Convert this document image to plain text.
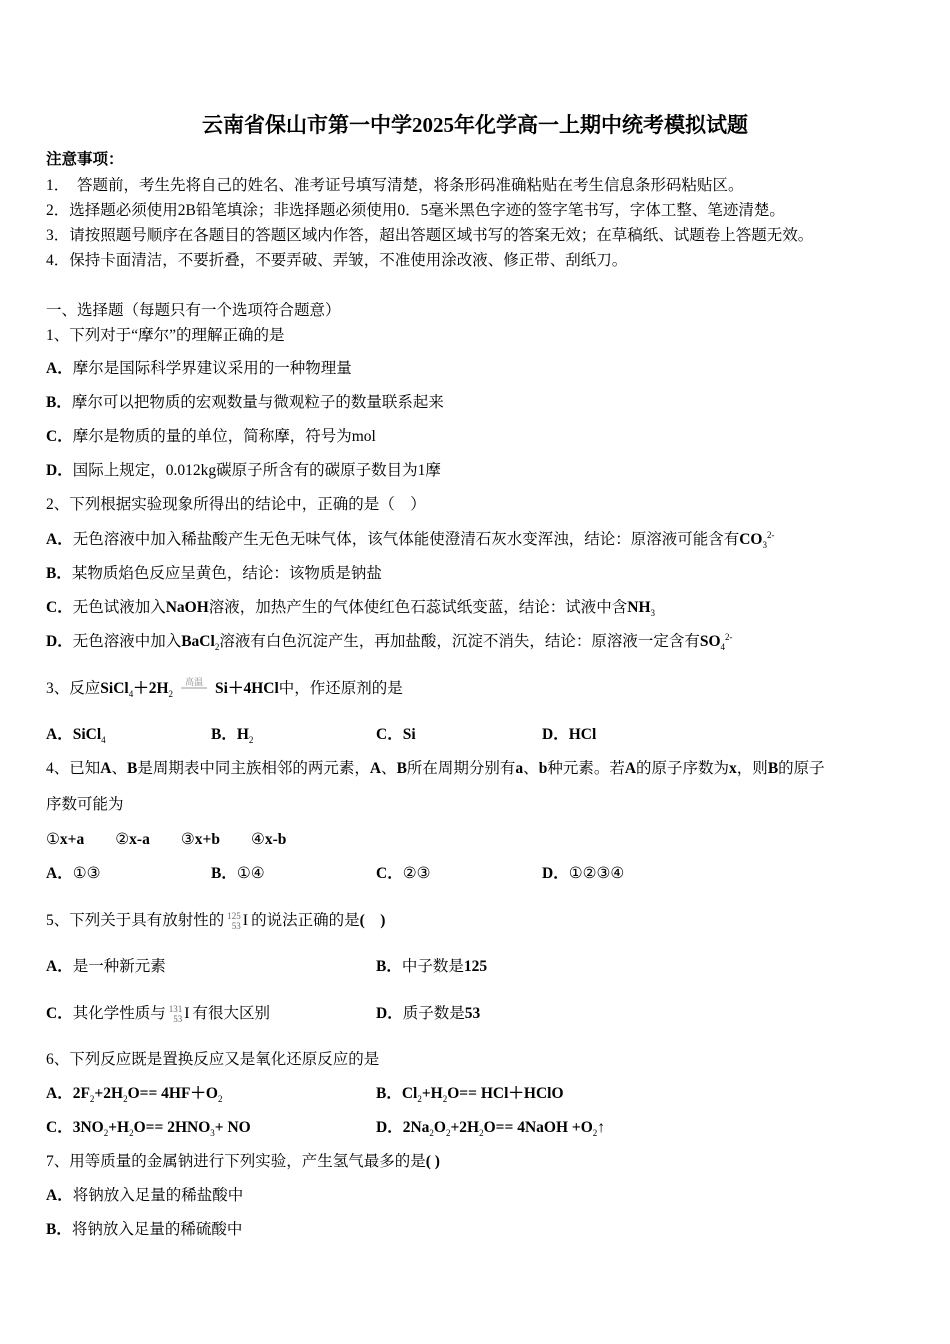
云南省保山市第一中学2025年化学高一上期中统考模拟试题
注意事项：
1．　答题前，考生先将自己的姓名、准考证号填写清楚，将条形码准确粘贴在考生信息条形码粘贴区。
2．选择题必须使用2B铅笔填涂；非选择题必须使用0．5毫米黑色字迹的签字笔书写，字体工整、笔迹清楚。
3．请按照题号顺序在各题目的答题区域内作答，超出答题区域书写的答案无效；在草稿纸、试题卷上答题无效。
4．保持卡面清洁，不要折叠，不要弄破、弄皱，不准使用涂改液、修正带、刮纸刀。
一、选择题（每题只有一个选项符合题意）
1、下列对于“摩尔”的理解正确的是
A．摩尔是国际科学界建议采用的一种物理量
B．摩尔可以把物质的宏观数量与微观粒子的数量联系起来
C．摩尔是物质的量的单位，简称摩，符号为mol
D．国际上规定，0.012kg碳原子所含有的碳原子数目为1摩
2、下列根据实验现象所得出的结论中，正确的是（　）
A．无色溶液中加入稀盐酸产生无色无味气体，该气体能使澄清石灰水变浑浊，结论：原溶液可能含有$CO_3^{2-}$
B．某物质焰色反应呈黄色，结论：该物质是钠盐
C．无色试液加入NaOH溶液，加热产生的气体使红色石蕊试纸变蓝，结论：试液中含$NH_3$
D．无色溶液中加入BaCl$_2$溶液有白色沉淀产生，再加盐酸，沉淀不消失，结论：原溶液一定含有$SO_4^{2-}$
3、反应$SiCl_4+2H_2$
高温 Si＋4HCl中，作还原剂的是
A．SiCl$_4$	B．$H_2$	C．Si	D．HCl
4、已知A、B是周期表中同主族相邻的两元素，A、B所在周期分别有a、b种元素。若A的原子序数为x，则B的原子
序数可能为
①x+a　　②x-a　　③x+b　　④x-b
A．①③	B．①④	C．②③	D．①②③④
5、下列关于具有放射性的 125
53 I 的说法正确的是(　)
A．是一种新元素	B．中子数是125
C．其化学性质与 131
53 I 有很大区别	D．质子数是53
6、下列反应既是置换反应又是氧化还原反应的是
A．$2F_2+2H_2O== 4HF+O_2$	B．$Cl_2+H_2O==$ HCl＋HClO
C．$3NO_2+H_2O== 2HNO_3+$ NO	D．$2Na_2O_2+2H_2O==$ 4NaOH $+O_2↑$
7、用等质量的金属钠进行下列实验，产生氢气最多的是( )
A．将钠放入足量的稀盐酸中
B．将钠放入足量的稀硫酸中
